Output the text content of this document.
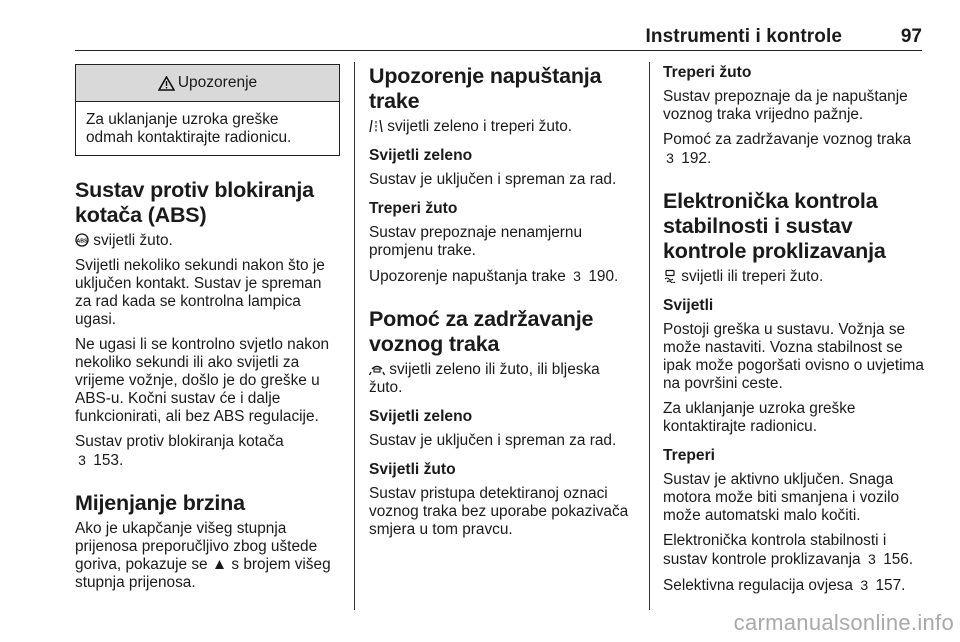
Instrumenti i kontrole	97
Upozorenje
Za uklanjanje uzroka greške odmah kontaktirajte radionicu.
Sustav protiv blokiranja kotača (ABS)

ABS svijetli žuto.

Svijetli nekoliko sekundi nakon što je uključen kontakt. Sustav je spreman za rad kada se kontrolna lampica ugasi.

Ne ugasi li se kontrolno svjetlo nakon nekoliko sekundi ili ako svijetli za vrijeme vožnje, došlo je do greške u ABS-u. Kočni sustav će i dalje funkcionirati, ali bez ABS regulacije.

Sustav protiv blokiranja kotača
3 153.

Mijenjanje brzina

Ako je ukapčanje višeg stupnja prijenosa preporučljivo zbog uštede goriva, pokazuje se ▲ s brojem višeg stupnja prijenosa.

Upozorenje napuštanja trake

svijetli zeleno i treperi žuto.

Svijetli zeleno

Sustav je uključen i spreman za rad.

Treperi žuto

Sustav prepoznaje nenamjernu promjenu trake.

Upozorenje napuštanja trake 3 190.

Pomoć za zadržavanje voznog traka

svijetli zeleno ili žuto, ili bljeska žuto.

Svijetli zeleno

Sustav je uključen i spreman za rad.

Svijetli žuto

Sustav pristupa detektiranoj oznaci voznog traka bez uporabe pokazivača smjera u tom pravcu.

Treperi žuto

Sustav prepoznaje da je napuštanje voznog traka vrijedno pažnje.

Pomoć za zadržavanje voznog traka
3 192.

Elektronička kontrola stabilnosti i sustav kontrole proklizavanja

svijetli ili treperi žuto.

Svijetli

Postoji greška u sustavu. Vožnja se može nastaviti. Vozna stabilnost se ipak može pogoršati ovisno o uvjetima na površini ceste.

Za uklanjanje uzroka greške kontaktirajte radionicu.

Treperi

Sustav je aktivno uključen. Snaga motora može biti smanjena i vozilo može automatski malo kočiti.

Elektronička kontrola stabilnosti i sustav kontrole proklizavanja 3 156.

Selektivna regulacija ovjesa 3 157.

carmanualsonline.info
